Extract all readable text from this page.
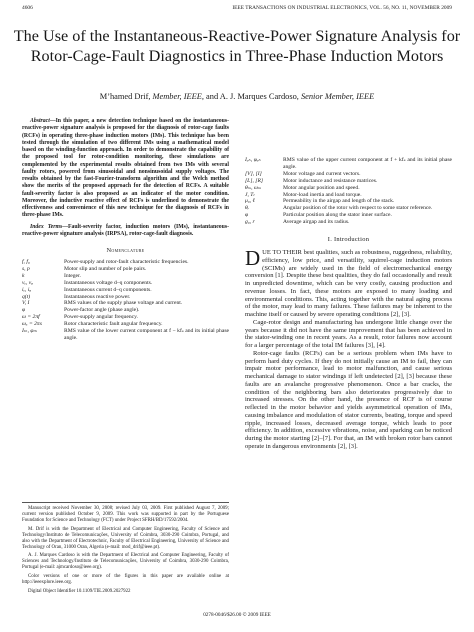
4606	IEEE TRANSACTIONS ON INDUSTRIAL ELECTRONICS, VOL. 56, NO. 11, NOVEMBER 2009
The Use of the Instantaneous-Reactive-Power Signature Analysis for Rotor-Cage-Fault Diagnostics in Three-Phase Induction Motors
M’hamed Drif, Member, IEEE, and A. J. Marques Cardoso, Senior Member, IEEE

Abstract—In this paper, a new detection technique based on the instantaneous-reactive-power signature analysis is proposed for the diagnosis of rotor-cage faults (RCFs) in operating three-phase induction motors (IMs). This technique has been tested through the simulation of two different IMs using a mathematical model based on the winding-function approach. In order to demonstrate the capability of the proposed tool for rotor-condition monitoring, these simulations are complemented by the experimental results obtained from two IMs with several faulty rotors, powered from sinusoidal and nonsinusoidal supply voltages. The results obtained by the fast-Fourier-transform algorithm and the Welch method show the merits of the proposed approach for the detection of RCFs. A suitable fault-severity factor is also proposed as an indicator of the motor condition. Moreover, the inductive reactive effect of RCFs is underlined to demonstrate the effectiveness and convenience of this new technique for the diagnosis of RCFs in three-phase IMs.

Index Terms—Fault-severity factor, induction motors (IMs), instantaneous-reactive-power signature analysis (IRPSA), rotor-cage-fault diagnosis.

Nomenclature
f, f₀	Power-supply and rotor-fault characteristic frequencies.
s, p	Motor slip and number of pole pairs.
k	Integer.
vₑ, vᵩ	Instantaneous voltage d–q components.
iₑ, iᵩ	Instantaneous current d–q components.
q(t)	Instantaneous reactive power.
V, I	RMS values of the supply phase voltage and current.
φ	Power-factor angle (phase angle).
ω = 2πf	Power-supply angular frequency.
ωₓ = 2πs	Rotor characteristic fault angular frequency.
Iₗₕ, φₗₕ	RMS value of the lower current component at f − kfₛ and its initial phase angle.

Manuscript received November 30, 2008; revised July 03, 2009. First published August 7, 2009; current version published October 9, 2009. This work was supported in part by the Portuguese Foundation for Science and Technology (FCT) under Project SFRH/BD/17592/2004.

M. Drif is with the Department of Electrical and Computer Engineering, Faculty of Science and Technology/Instituto de Telecomunicações, University of Coimbra, 3030-290 Coimbra, Portugal, and also with the Department of Electrotechnic, Faculty of Electrical Engineering, University of Science and Technology of Oran, 31000 Oran, Algeria (e-mail: mod_drif@ieee.pt).

A. J. Marques Cardoso is with the Department of Electrical and Computer Engineering, Faculty of Sciences and Technology/Instituto de Telecomunicações, University of Coimbra, 3030-290 Coimbra, Portugal (e-mail: ajmcardoso@ieee.org).

Color versions of one or more of the figures in this paper are available online at http://ieeexplore.ieee.org.

Digital Object Identifier 10.1109/TIE.2009.2027922

Iᵤₕ, φᵤₕ	RMS value of the upper current component at f + kfₛ and its initial phase angle.
[V], [I]	Motor voltage and current vectors.
[L], [R]	Motor inductance and resistance matrices.
θₘ, ωₘ	Motor angular position and speed.
J, Tₗ	Motor-load inertia and load torque.
μ₀, ℓ	Permeability in the airgap and length of the stack.
θᵣ	Angular position of the rotor with respect to some stator reference.
φ	Particular position along the stator inner surface.
g₀, r	Average airgap and its radius.
I. Introduction

DUE TO THEIR best qualities, such as robustness, ruggedness, reliability, efficiency, low price, and versatility, squirrel-cage induction motors (SCIMs) are widely used in the field of electromechanical energy conversion [1]. Despite these best qualities, they do fail occasionally and result in unpredicted downtime, which can be very costly, causing production and revenue losses. In fact, these motors are exposed to many loading and environmental conditions. This, acting together with the natural aging process of the motor, may lead to many failures. These failures may be inherent to the machine itself or caused by severe operating conditions [2], [3].

Cage-rotor design and manufacturing has undergone little change over the years because it did not have the same improvement that has been achieved in the stator-winding one in recent years. As a result, rotor failures now account for a larger percentage of the total IM failures [3], [4].

Rotor-cage faults (RCFs) can be a serious problem when IMs have to perform hard duty cycles. If they do not initially cause an IM to fail, they can impair motor performance, lead to motor malfunction, and cause serious mechanical damage to stator windings if left undetected [2], [3] because these faults are an avalanche progressive phenomenon. Once a bar cracks, the condition of the neighboring bars also deteriorates progressively due to increased stresses. On the other hand, the presence of RCF is of course reflected in the motor behavior and yields asymmetrical operation of IMs, causing imbalance and modulation of stator currents, beating, torque and speed ripple, increased losses, decreased average torque, which leads to poor efficiency. In addition, excessive vibrations, noise, and sparking can be noticed during the motor starting [2]–[7]. For that, an IM with broken rotor bars cannot operate in dangerous environments [2], [3].

0278-0046/$26.00 © 2009 IEEE
